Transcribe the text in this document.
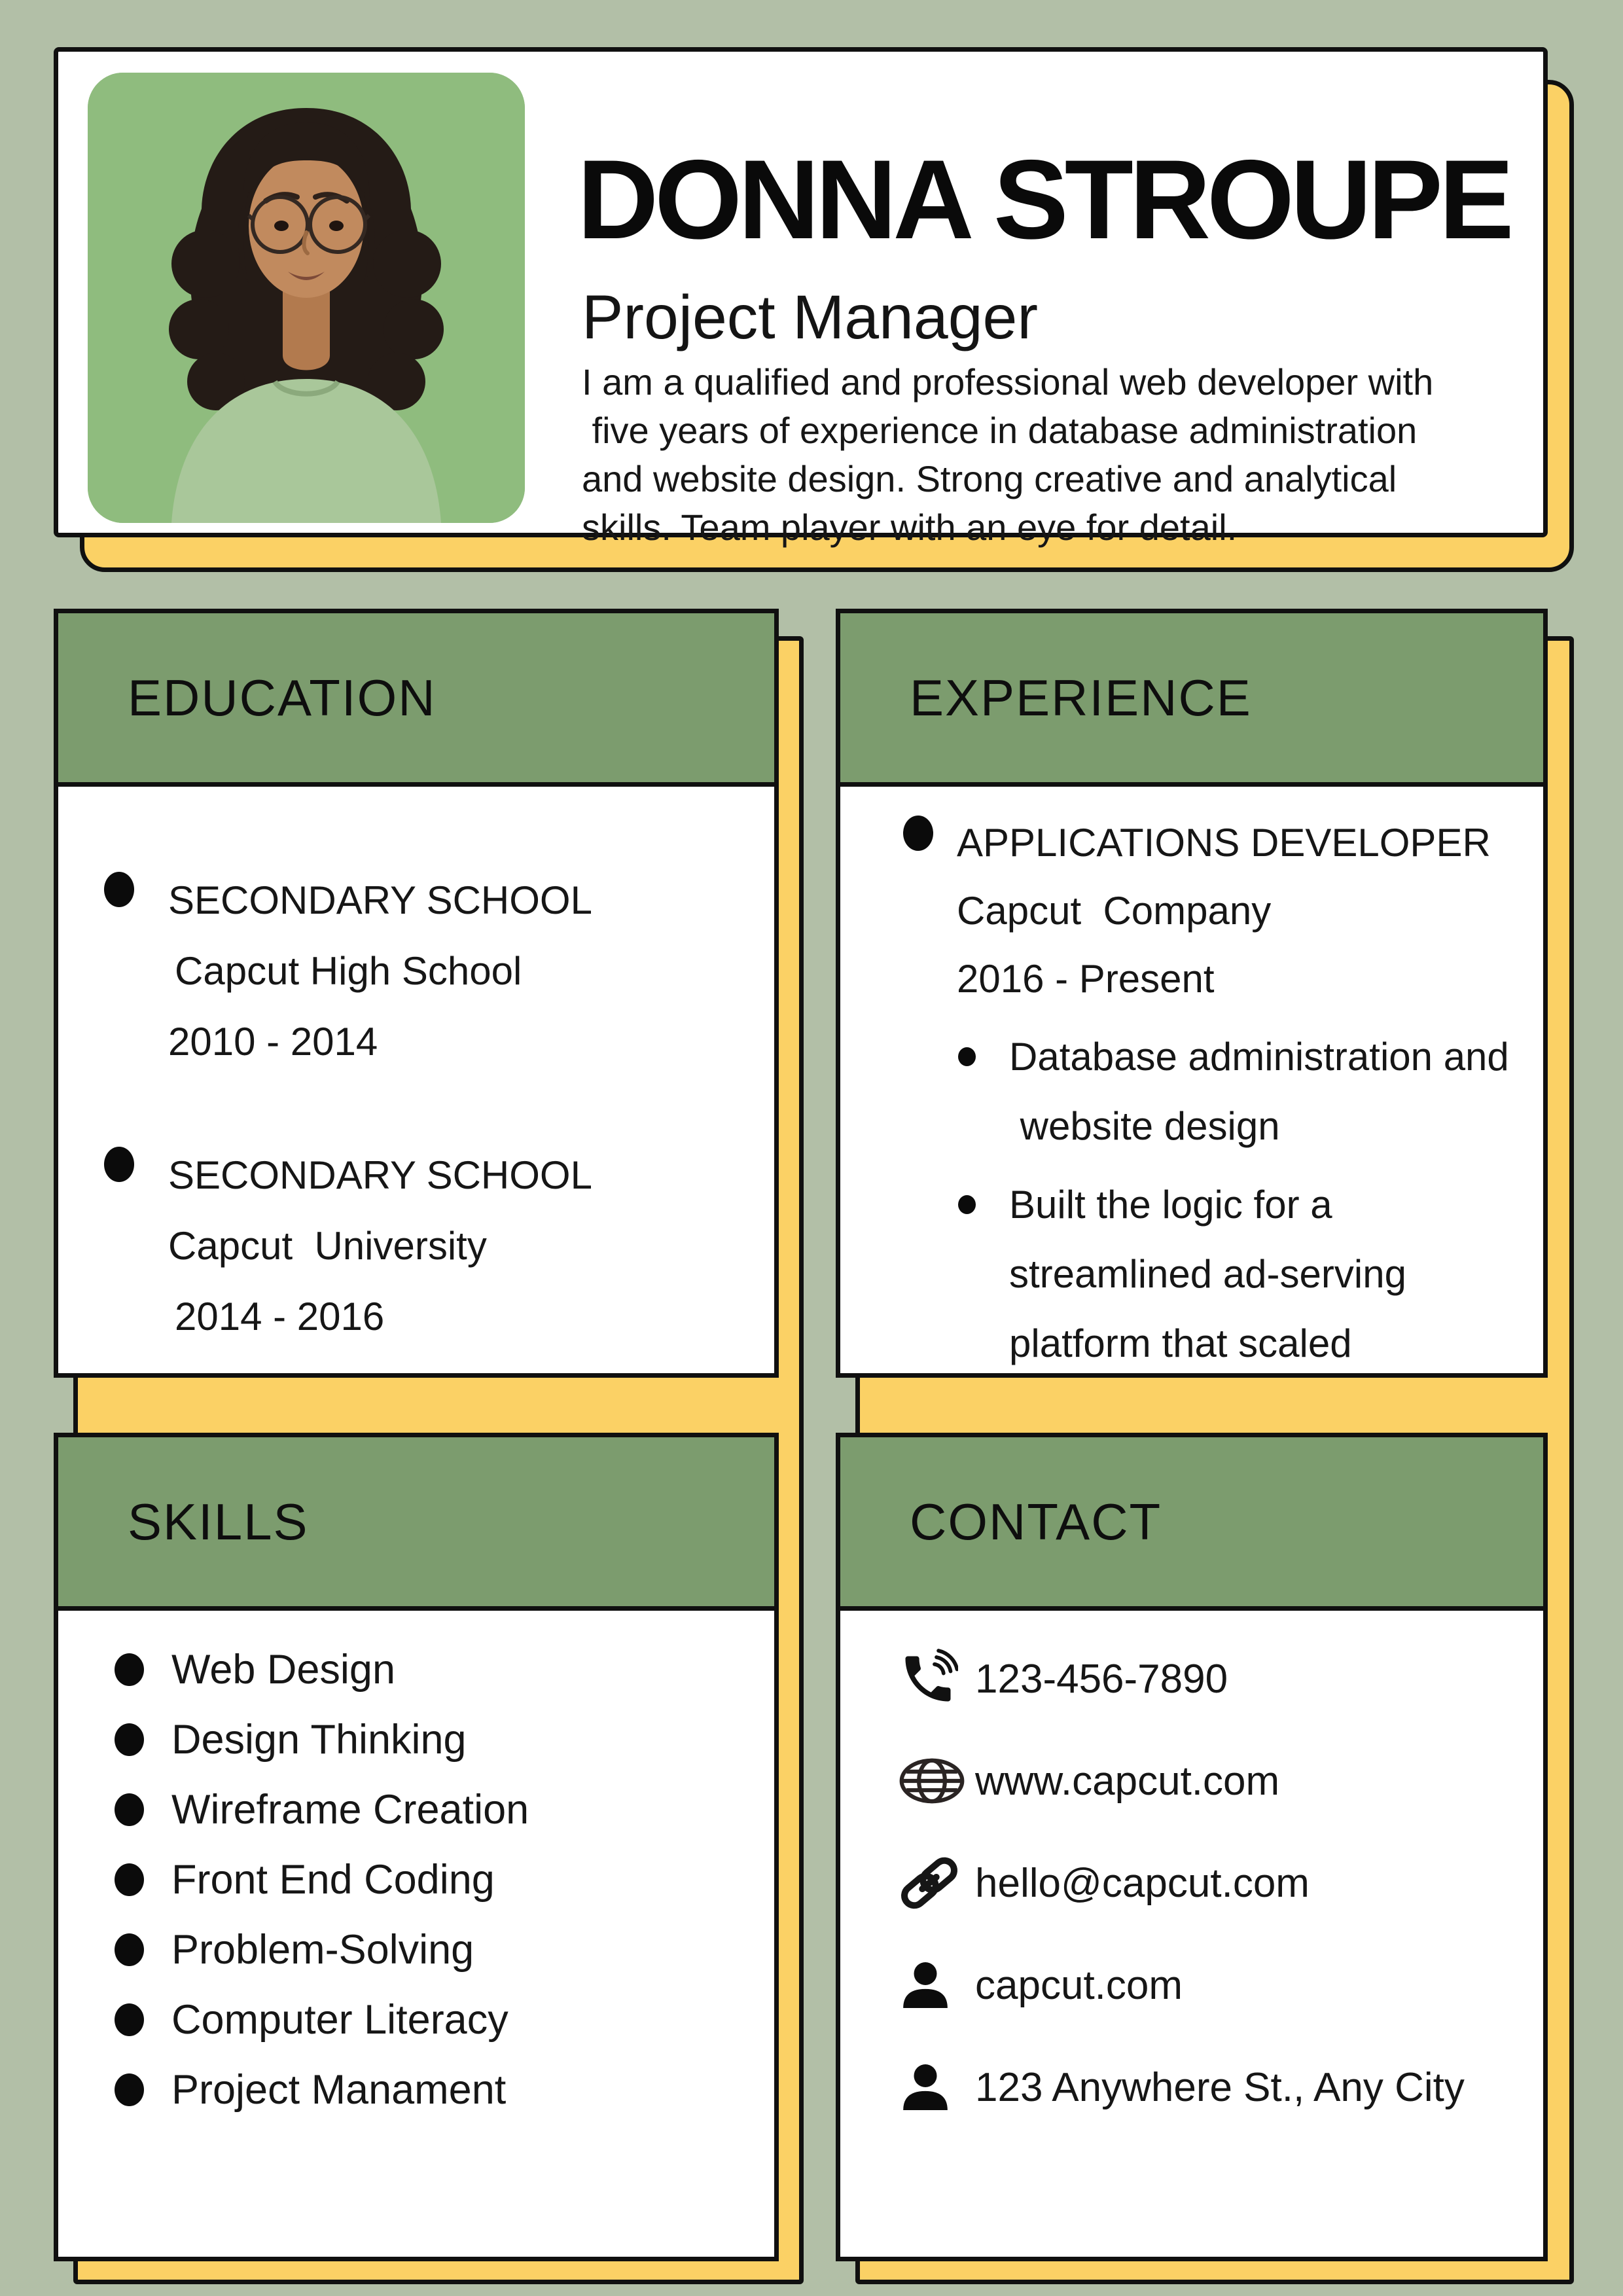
DONNA STROUPE
Project Manager
I am a qualified and professional web developer with
five years of experience in database administration
and website design. Strong creative and analytical
skills. Team player with an eye for detail.
EDUCATION
SECONDARY SCHOOL
Capcut High School
2010 - 2014
SECONDARY SCHOOL
Capcut  University
2014 - 2016
EXPERIENCE
APPLICATIONS DEVELOPER
Capcut  Company
2016 - Present
Database administration and
website design
Built the logic for a
streamlined ad-serving
platform that scaled
SKILLS
Web Design
Design Thinking
Wireframe Creation
Front End Coding
Problem-Solving
Computer Literacy
Project Manament
CONTACT
123-456-7890
www.capcut.com
hello@capcut.com
capcut.com
123 Anywhere St., Any City
